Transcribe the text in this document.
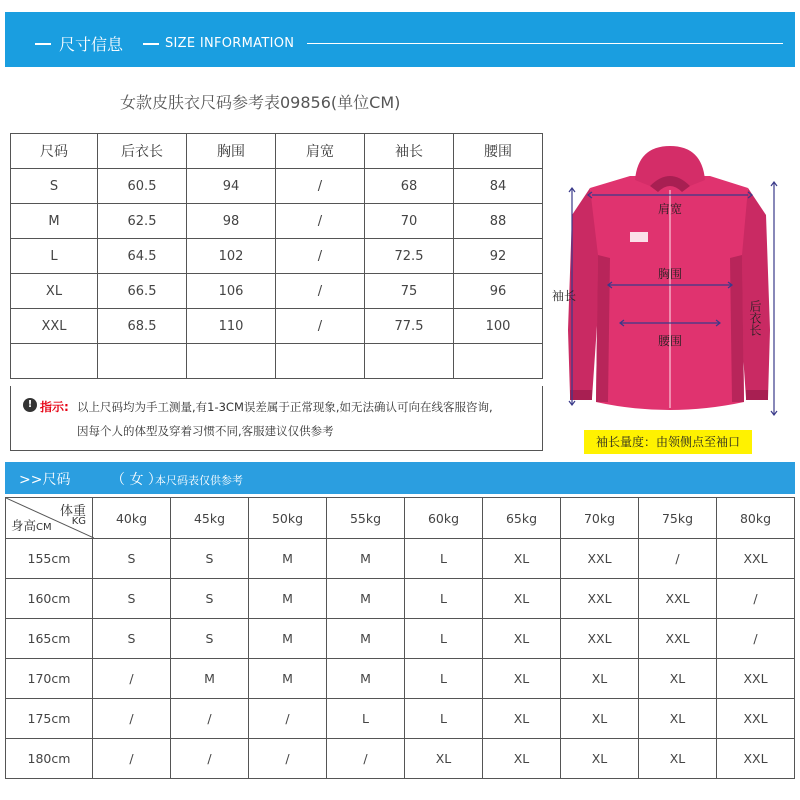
尺寸信息	SIZE INFORMATION
女款皮肤衣尺码参考表09856(单位CM)
尺码	后衣长	胸围	肩宽	袖长	腰围
S	60.5	94	/	68	84
M	62.5	98	/	70	88
L	64.5	102	/	72.5	92
XL	66.5	106	/	75	96
XXL	68.5	110	/	77.5	100

! 指示: 以上尺码均为手工测量,有1-3CM误差属于正常现象,如无法确认可向在线客服咨询,
因每个人的体型及穿着习惯不同,客服建议仅供参考
肩宽
胸围
腰围
袖长
后衣长
袖长量度：由领侧点至袖口
>>尺码	（ 女 ）
本尺码表仅供参考
体重
KG
身高CM	40kg	45kg	50kg	55kg	60kg	65kg	70kg	75kg	80kg
155cm	S	S	M	M	L	XL	XXL	/	XXL
160cm	S	S	M	M	L	XL	XXL	XXL	/
165cm	S	S	M	M	L	XL	XXL	XXL	/
170cm	/	M	M	M	L	XL	XL	XL	XXL
175cm	/	/	/	L	L	XL	XL	XL	XXL
180cm	/	/	/	/	XL	XL	XL	XL	XXL
